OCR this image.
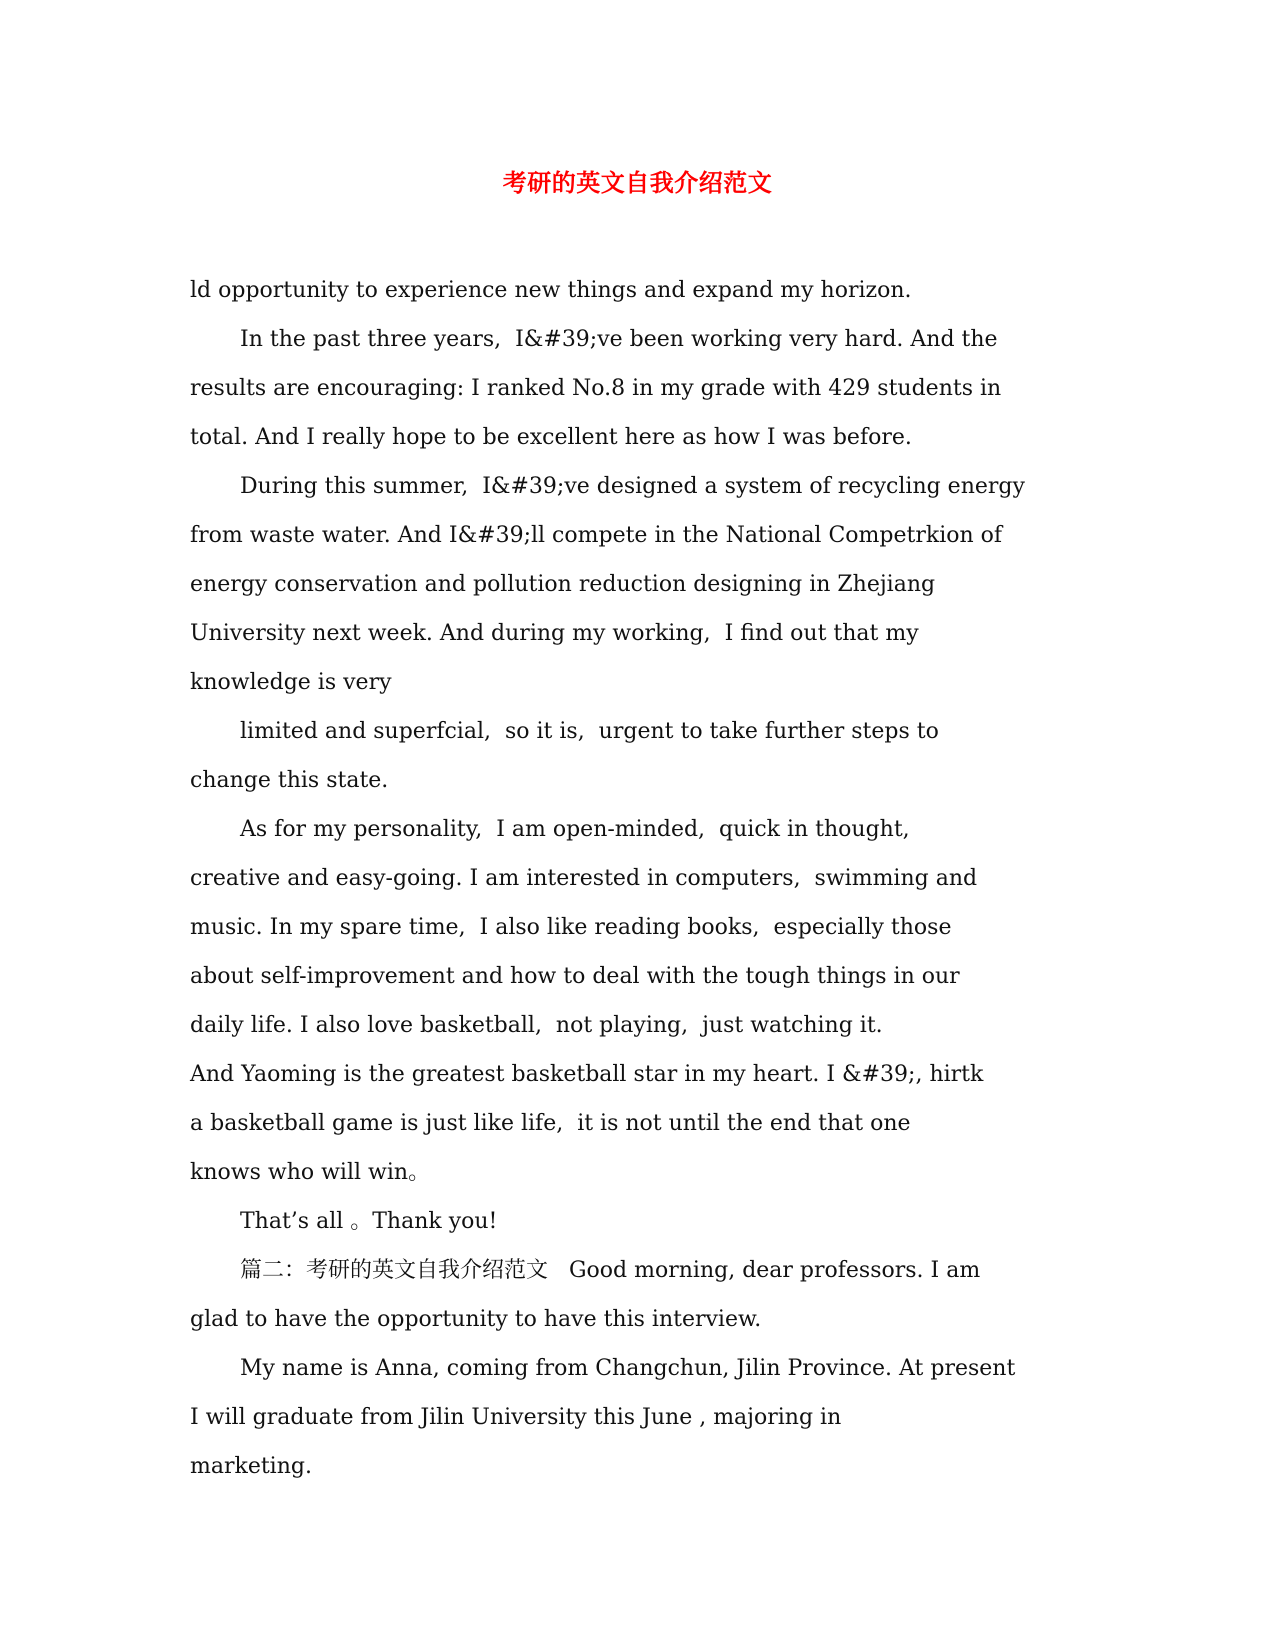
考研的英文自我介绍范文
ld opportunity to experience new things and expand my horizon.
In the past three years,  I&#39;ve been working very hard. And the
results are encouraging: I ranked No.8 in my grade with 429 students in
total. And I really hope to be excellent here as how I was before.
During this summer,  I&#39;ve designed a system of recycling energy
from waste water. And I&#39;ll compete in the National Competrkion of
energy conservation and pollution reduction designing in Zhejiang
University next week. And during my working,  I find out that my
knowledge is very
limited and superfcial,  so it is,  urgent to take further steps to
change this state.
As for my personality,  I am open-minded,  quick in thought,
creative and easy-going. I am interested in computers,  swimming and
music. In my spare time,  I also like reading books,  especially those
about self-improvement and how to deal with the tough things in our
daily life. I also love basketball,  not playing,  just watching it.
And Yaoming is the greatest basketball star in my heart. I &#39;, hirtk
a basketball game is just like life,  it is not until the end that one
knows who will win。
That’s all 。Thank you!
篇二：考研的英文自我介绍范文   Good morning, dear professors. I am
glad to have the opportunity to have this interview.
My name is Anna, coming from Changchun, Jilin Province. At present
I will graduate from Jilin University this June , majoring in
marketing.
